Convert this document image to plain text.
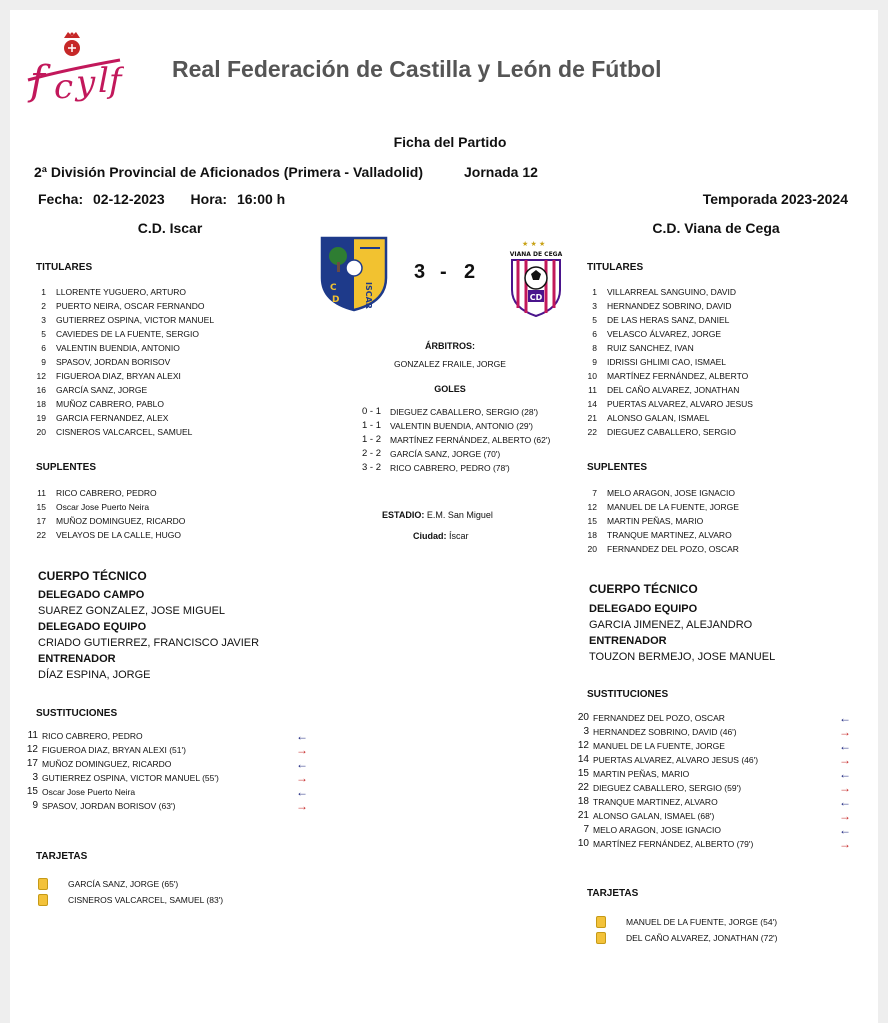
f c y lf Real Federación de Castilla y León de Fútbol
Ficha del Partido
2ª División Provincial de Aficionados (Primera - Valladolid)	Jornada 12
Fecha: 02-12-2023 Hora: 16:00 h	Temporada 2023-2024
C.D. Iscar	C.D. Viana de Cega
C
D	ISCAR
3 - 2
★ ★ ★
VIANA DE CEGA
CD
TITULARES
1 LLORENTE YUGUERO, ARTURO
2 PUERTO NEIRA, OSCAR FERNANDO
3 GUTIERREZ OSPINA, VICTOR MANUEL
5 CAVIEDES DE LA FUENTE, SERGIO
6 VALENTIN BUENDIA, ANTONIO
9 SPASOV, JORDAN BORISOV
12 FIGUEROA DIAZ, BRYAN ALEXI
16 GARCÍA SANZ, JORGE
18 MUÑOZ CABRERO, PABLO
19 GARCIA FERNANDEZ, ALEX
20 CISNEROS VALCARCEL, SAMUEL
SUPLENTES
11 RICO CABRERO, PEDRO
15 Oscar Jose Puerto Neira
17 MUÑOZ DOMINGUEZ, RICARDO
22 VELAYOS DE LA CALLE, HUGO
CUERPO TÉCNICO
DELEGADO CAMPO
SUAREZ GONZALEZ, JOSE MIGUEL
DELEGADO EQUIPO
CRIADO GUTIERREZ, FRANCISCO JAVIER
ENTRENADOR
DÍAZ ESPINA, JORGE
SUSTITUCIONES
11 RICO CABRERO, PEDRO	←
12 FIGUEROA DIAZ, BRYAN ALEXI (51')	→
17 MUÑOZ DOMINGUEZ, RICARDO	←
3 GUTIERREZ OSPINA, VICTOR MANUEL (55')	→
15 Oscar Jose Puerto Neira	←
9 SPASOV, JORDAN BORISOV (63')	→
TARJETAS
GARCÍA SANZ, JORGE (65')
CISNEROS VALCARCEL, SAMUEL (83')
ÁRBITROS:
GONZALEZ FRAILE, JORGE
GOLES
0 - 1	DIEGUEZ CABALLERO, SERGIO (28')
1 - 1	VALENTIN BUENDIA, ANTONIO (29')
1 - 2	MARTÍNEZ FERNÁNDEZ, ALBERTO (62')
2 - 2	GARCÍA SANZ, JORGE (70')
3 - 2	RICO CABRERO, PEDRO (78')
ESTADIO: E.M. San Miguel
Ciudad: Íscar
TITULARES
1 VILLARREAL SANGUINO, DAVID
3 HERNANDEZ SOBRINO, DAVID
5 DE LAS HERAS SANZ, DANIEL
6 VELASCO ÁLVAREZ, JORGE
8 RUIZ SANCHEZ, IVAN
9 IDRISSI GHLIMI CAO, ISMAEL
10 MARTÍNEZ FERNÁNDEZ, ALBERTO
11 DEL CAÑO ALVAREZ, JONATHAN
14 PUERTAS ALVAREZ, ALVARO JESUS
21 ALONSO GALAN, ISMAEL
22 DIEGUEZ CABALLERO, SERGIO
SUPLENTES
7 MELO ARAGON, JOSE IGNACIO
12 MANUEL DE LA FUENTE, JORGE
15 MARTIN PEÑAS, MARIO
18 TRANQUE MARTINEZ, ALVARO
20 FERNANDEZ DEL POZO, OSCAR
CUERPO TÉCNICO
DELEGADO EQUIPO
GARCIA JIMENEZ, ALEJANDRO
ENTRENADOR
TOUZON BERMEJO, JOSE MANUEL
SUSTITUCIONES
20 FERNANDEZ DEL POZO, OSCAR	←
3 HERNANDEZ SOBRINO, DAVID (46')	→
12 MANUEL DE LA FUENTE, JORGE	←
14 PUERTAS ALVAREZ, ALVARO JESUS (46')	→
15 MARTIN PEÑAS, MARIO	←
22 DIEGUEZ CABALLERO, SERGIO (59')	→
18 TRANQUE MARTINEZ, ALVARO	←
21 ALONSO GALAN, ISMAEL (68')	→
7 MELO ARAGON, JOSE IGNACIO	←
10 MARTÍNEZ FERNÁNDEZ, ALBERTO (79')	→
TARJETAS
MANUEL DE LA FUENTE, JORGE (54')
DEL CAÑO ALVAREZ, JONATHAN (72')
